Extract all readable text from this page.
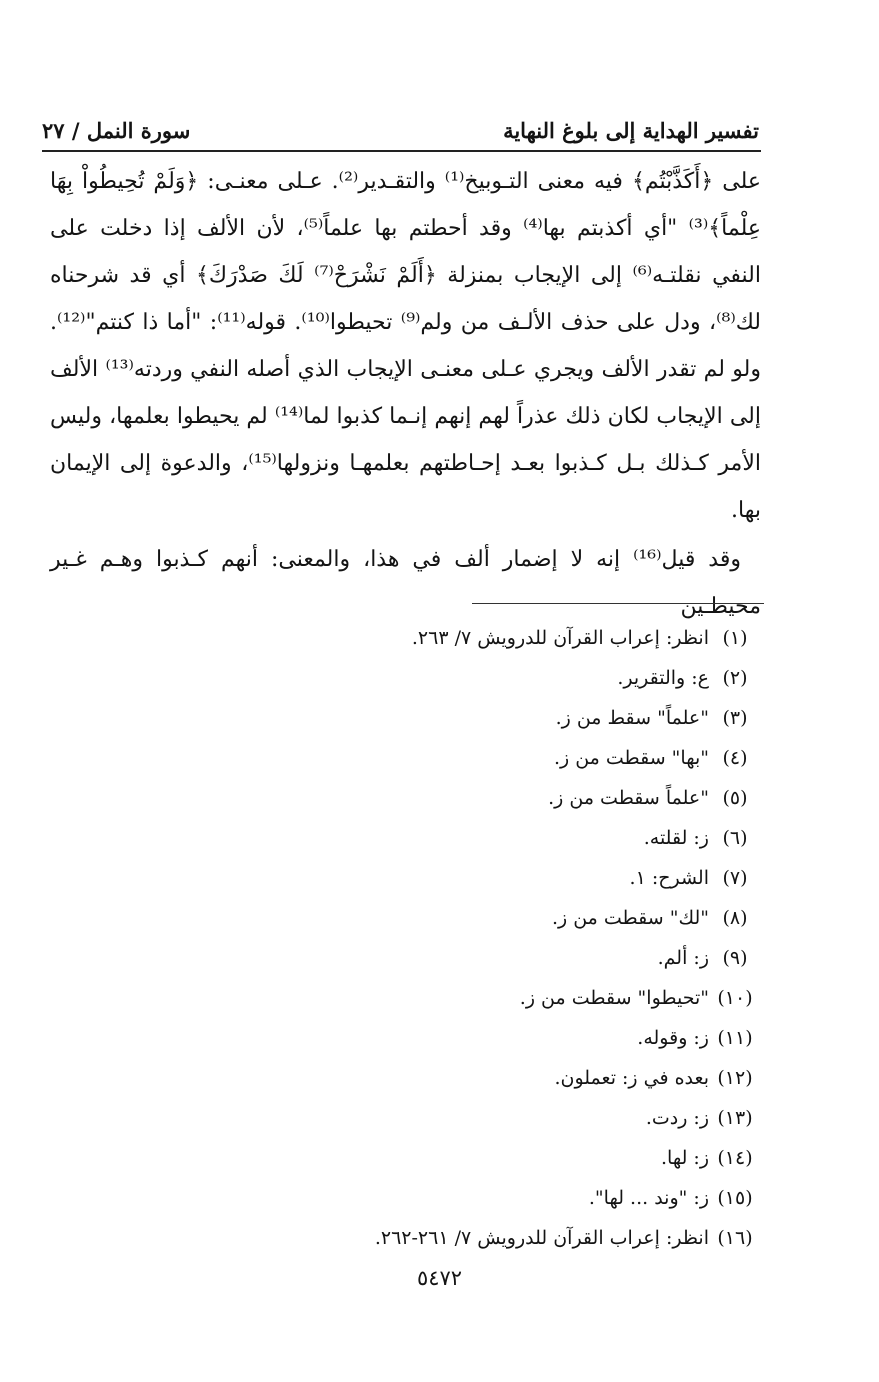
تفسير الهداية إلى بلوغ النهاية
سورة النمل / ٢٧

على ﴿أَكَذَّبْتُم﴾ فيه معنى التـوبيخ⁽¹⁾ والتقـدير⁽²⁾. عـلى معنـى: ﴿وَلَمْ تُحِيطُواْ بِهَا عِلْماً﴾⁽³⁾ "أي أكذبتم بها⁽⁴⁾ وقد أحطتم بها علماً⁽⁵⁾، لأن الألف إذا دخلت على النفي نقلتـه⁽⁶⁾ إلى الإيجاب بمنزلة ﴿أَلَمْ نَشْرَحْ⁽⁷⁾ لَكَ صَدْرَكَ﴾ أي قد شرحناه لك⁽⁸⁾، ودل على حذف الألـف من ولم⁽⁹⁾ تحيطوا⁽¹⁰⁾. قوله⁽¹¹⁾: "أما ذا كنتم"⁽¹²⁾. ولو لم تقدر الألف ويجري عـلى معنـى الإيجاب الذي أصله النفي وردته⁽¹³⁾ الألف إلى الإيجاب لكان ذلك عذراً لهم إنهم إنـما كذبوا لما⁽¹⁴⁾ لم يحيطوا بعلمها، وليس الأمر كـذلك بـل كـذبوا بعـد إحـاطتهم بعلمهـا ونزولها⁽¹⁵⁾، والدعوة إلى الإيمان بها.

وقد قيل⁽¹⁶⁾ إنه لا إضمار ألف في هذا، والمعنى: أنهم كـذبوا وهـم غـير محيطـين

(١)
انظر: إعراب القرآن للدرويش ٧/ ٢٦٣.
(٢)
ع: والتقرير.
(٣)
"علماً" سقط من ز.
(٤)
"بها" سقطت من ز.
(٥)
"علماً سقطت من ز.
(٦)
ز: لقلته.
(٧)
الشرح: ١.
(٨)
"لك" سقطت من ز.
(٩)
ز: ألم.
(١٠)
"تحيطوا" سقطت من ز.
(١١)
ز: وقوله.
(١٢)
بعده في ز: تعملون.
(١٣)
ز: ردت.
(١٤)
ز: لها.
(١٥)
ز: "وند ... لها".
(١٦)
انظر: إعراب القرآن للدرويش ٧/ ٢٦١-٢٦٢.
٥٤٧٢
